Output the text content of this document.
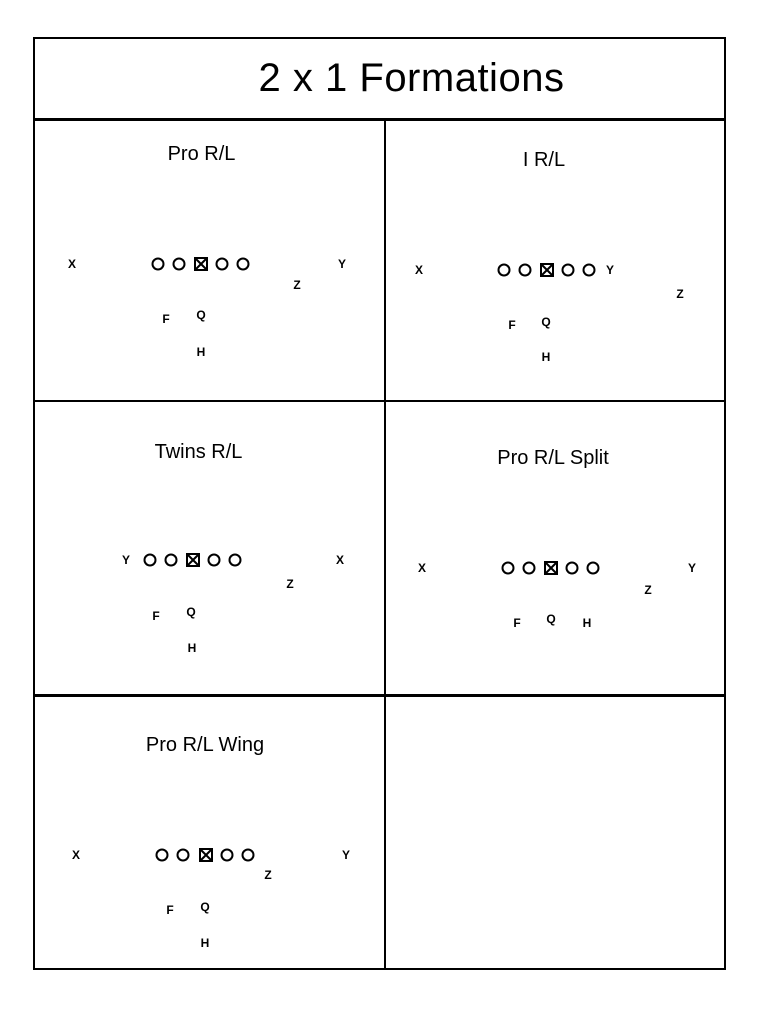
2 x 1 Formations
Pro R/L
X	Y
Z
F Q
H
I R/L
X	Y
Z
F Q
H
Twins R/L
Y	X
Z
F Q
H
Pro R/L Split
X	Y
Z
F Q H
Pro R/L Wing
X	Y
Z
F Q
H
